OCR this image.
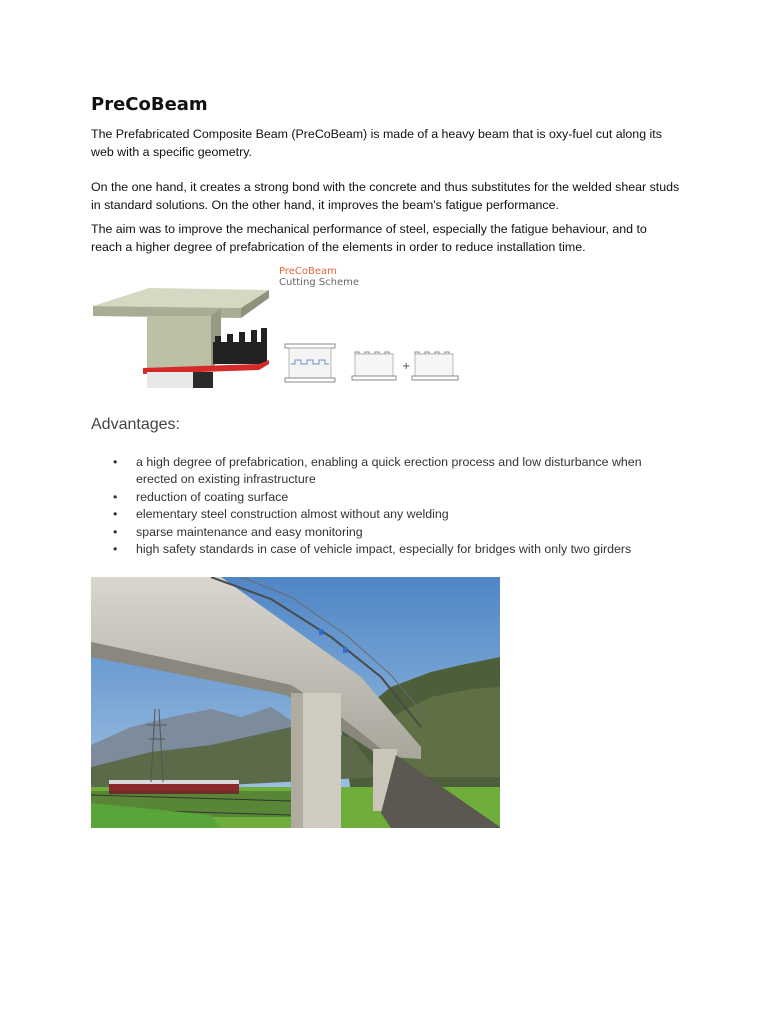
PreCoBeam
The Prefabricated Composite Beam (PreCoBeam) is made of a heavy beam that is oxy-fuel cut along its web with a specific geometry.
On the one hand, it creates a strong bond with the concrete and thus substitutes for the welded shear studs in standard solutions. On the other hand, it improves the beam's fatigue performance.
The aim was to improve the mechanical performance of steel, especially the fatigue behaviour, and to reach a higher degree of prefabrication of the elements in order to reduce installation time.
PreCoBeam
Cutting Scheme
+
Advantages:
• a high degree of prefabrication, enabling a quick erection process and low disturbance when erected on existing infrastructure
• reduction of coating surface
• elementary steel construction almost without any welding
• sparse maintenance and easy monitoring
• high safety standards in case of vehicle impact, especially for bridges with only two girders
